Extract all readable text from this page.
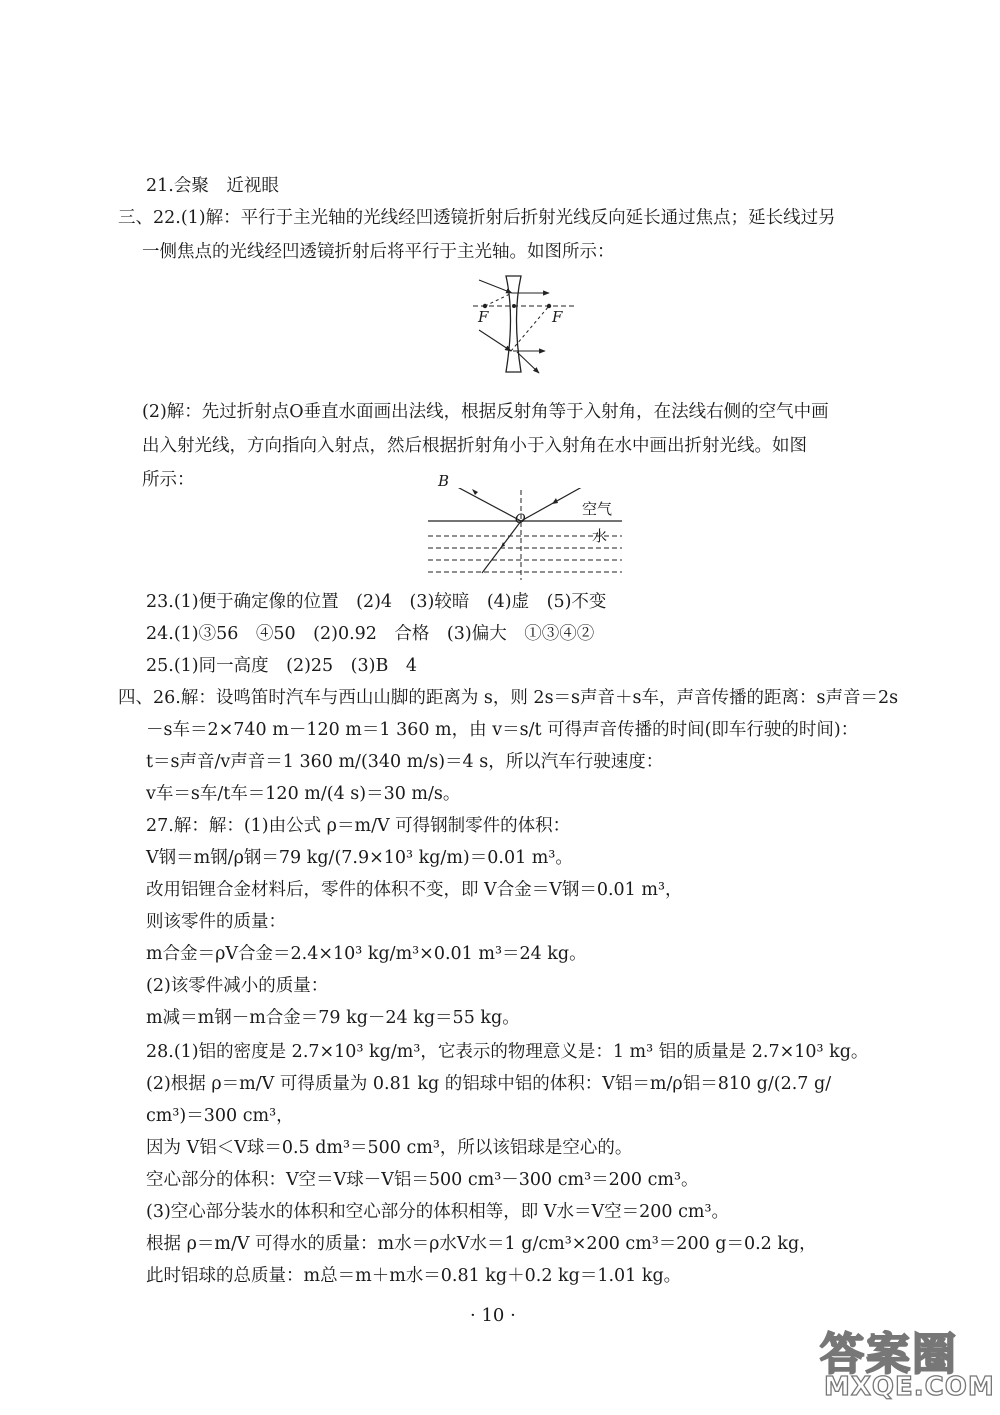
21.会聚　近视眼
三、22.(1)解：平行于主光轴的光线经凹透镜折射后折射光线反向延长通过焦点；延长线过另
一侧焦点的光线经凹透镜折射后将平行于主光轴。如图所示：
F	F
(2)解：先过折射点O垂直水面画出法线，根据反射角等于入射角，在法线右侧的空气中画
出入射光线，方向指向入射点，然后根据折射角小于入射角在水中画出折射光线。如图
所示：	B
O
空气
水
23.(1)便于确定像的位置　(2)4　(3)较暗　(4)虚　(5)不变
24.(1)③56　④50　(2)0.92　合格　(3)偏大　①③④②
25.(1)同一高度　(2)25　(3)B　4
四、26.解：设鸣笛时汽车与西山山脚的距离为 s，则 2s＝s声音＋s车，声音传播的距离：s声音＝2s
－s车＝2×740 m－120 m＝1 360 m，由 v＝s/t 可得声音传播的时间(即车行驶的时间)：
t＝s声音/v声音＝1 360 m/(340 m/s)＝4 s，所以汽车行驶速度：
v车＝s车/t车＝120 m/(4 s)＝30 m/s。
27.解：解：(1)由公式 ρ＝m/V 可得钢制零件的体积：
V钢＝m钢/ρ钢＝79 kg/(7.9×10³ kg/m)＝0.01 m³。
改用铝锂合金材料后，零件的体积不变，即 V合金＝V钢＝0.01 m³，
则该零件的质量：
m合金＝ρV合金＝2.4×10³ kg/m³×0.01 m³＝24 kg。
(2)该零件减小的质量：
m减＝m钢－m合金＝79 kg－24 kg＝55 kg。
28.(1)铝的密度是 2.7×10³ kg/m³，它表示的物理意义是：1 m³ 铝的质量是 2.7×10³ kg。
(2)根据 ρ＝m/V 可得质量为 0.81 kg 的铝球中铝的体积：V铝＝m/ρ铝＝810 g/(2.7 g/
cm³)＝300 cm³，
因为 V铝＜V球＝0.5 dm³＝500 cm³，所以该铝球是空心的。
空心部分的体积：V空＝V球－V铝＝500 cm³－300 cm³＝200 cm³。
(3)空心部分装水的体积和空心部分的体积相等，即 V水＝V空＝200 cm³。
根据 ρ＝m/V 可得水的质量：m水＝ρ水V水＝1 g/cm³×200 cm³＝200 g＝0.2 kg，
此时铝球的总质量：m总＝m＋m水＝0.81 kg＋0.2 kg＝1.01 kg。
· 10 ·
答案圈
MXQE.COM
